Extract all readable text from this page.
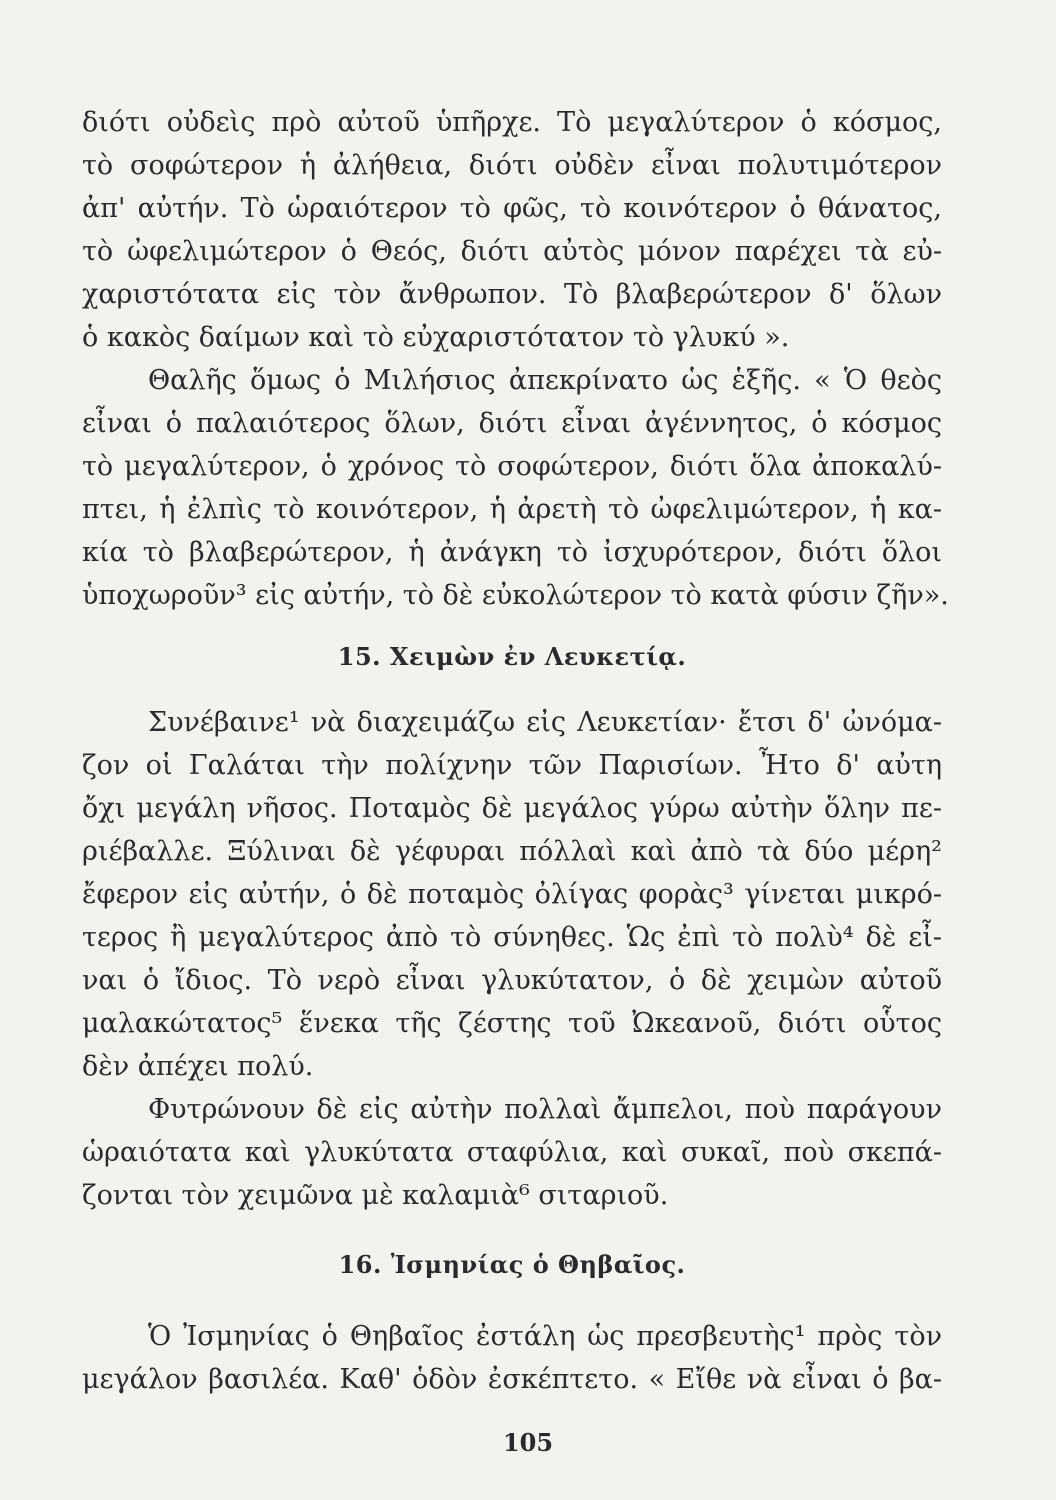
διότι οὐδεὶς πρὸ αὐτοῦ ὑπῆρχε. Τὸ μεγαλύτερον ὁ κόσμος,
τὸ σοφώτερον ἡ ἀλήθεια, διότι οὐδὲν εἶναι πολυτιμότερον
ἀπ' αὐτήν. Τὸ ὡραιότερον τὸ φῶς, τὸ κοινότερον ὁ θάνατος,
τὸ ὠφελιμώτερον ὁ Θεός, διότι αὐτὸς μόνον παρέχει τὰ εὐ-
χαριστότατα εἰς τὸν ἄνθρωπον. Τὸ βλαβερώτερον δ' ὅλων
ὁ κακὸς δαίμων καὶ τὸ εὐχαριστότατον τὸ γλυκύ ».
Θαλῆς ὅμως ὁ Μιλήσιος ἀπεκρίνατο ὡς ἑξῆς. « Ὁ θεὸς
εἶναι ὁ παλαιότερος ὅλων, διότι εἶναι ἀγέννητος, ὁ κόσμος
τὸ μεγαλύτερον, ὁ χρόνος τὸ σοφώτερον, διότι ὅλα ἀποκαλύ-
πτει, ἡ ἐλπὶς τὸ κοινότερον, ἡ ἀρετὴ τὸ ὠφελιμώτερον, ἡ κα-
κία τὸ βλαβερώτερον, ἡ ἀνάγκη τὸ ἰσχυρότερον, διότι ὅλοι
ὑποχωροῦν³ εἰς αὐτήν, τὸ δὲ εὐκολώτερον τὸ κατὰ φύσιν ζῆν».
15. Χειμὼν ἐν Λευκετίᾳ.
Συνέβαινε¹ νὰ διαχειμάζω εἰς Λευκετίαν· ἔτσι δ' ὠνόμα-
ζον οἱ Γαλάται τὴν πολίχνην τῶν Παρισίων. Ἦτο δ' αὐτη
ὄχι μεγάλη νῆσος. Ποταμὸς δὲ μεγάλος γύρω αὐτὴν ὅλην πε-
ριέβαλλε. Ξύλιναι δὲ γέφυραι πόλλαὶ καὶ ἀπὸ τὰ δύο μέρη²
ἔφερον εἰς αὐτήν, ὁ δὲ ποταμὸς ὀλίγας φορὰς³ γίνεται μικρό-
τερος ἢ μεγαλύτερος ἀπὸ τὸ σύνηθες. Ὡς ἐπὶ τὸ πολὺ⁴ δὲ εἶ-
ναι ὁ ἴδιος. Τὸ νερὸ εἶναι γλυκύτατον, ὁ δὲ χειμὼν αὐτοῦ
μαλακώτατος⁵ ἕνεκα τῆς ζέστης τοῦ Ὠκεανοῦ, διότι οὗτος
δὲν ἀπέχει πολύ.
Φυτρώνουν δὲ εἰς αὐτὴν πολλαὶ ἄμπελοι, ποὺ παράγουν
ὡραιότατα καὶ γλυκύτατα σταφύλια, καὶ συκαῖ, ποὺ σκεπά-
ζονται τὸν χειμῶνα μὲ καλαμιὰ⁶ σιταριοῦ.
16. Ἰσμηνίας ὁ Θηβαῖος.
Ὁ Ἰσμηνίας ὁ Θηβαῖος ἐστάλη ὡς πρεσβευτὴς¹ πρὸς τὸν
μεγάλον βασιλέα. Καθ' ὁδὸν ἐσκέπτετο. « Εἴθε νὰ εἶναι ὁ βα-
105
